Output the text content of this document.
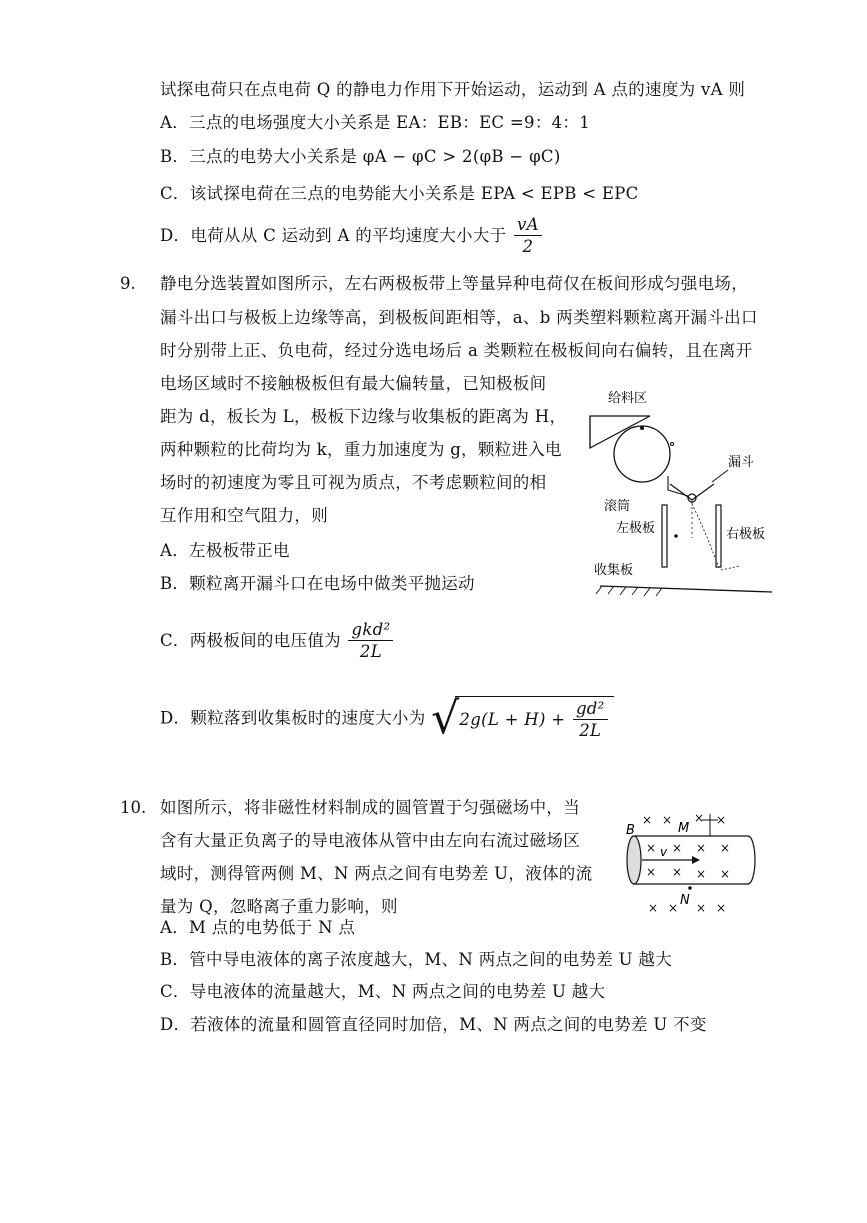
试探电荷只在点电荷 Q 的静电力作用下开始运动，运动到 A 点的速度为 vA 则
A．三点的电场强度大小关系是 EA：EB：EC =9：4：1
B．三点的电势大小关系是 φA − φC > 2(φB − φC)
C．该试探电荷在三点的电势能大小关系是 EPA < EPB < EPC
D．电荷从从 C 运动到 A 的平均速度大小大于 $\frac{vA}{2}$
9. 静电分选装置如图所示，左右两极板带上等量异种电荷仅在板间形成匀强电场，
漏斗出口与极板上边缘等高，到极板间距相等，a、b 两类塑料颗粒离开漏斗出口
时分别带上正、负电荷，经过分选电场后 a 类颗粒在极板间向右偏转，且在离开
电场区域时不接触极板但有最大偏转量，已知极板间
距为 d，板长为 L，极板下边缘与收集板的距离为 H，
两种颗粒的比荷均为 k，重力加速度为 g，颗粒进入电
场时的初速度为零且可视为质点，不考虑颗粒间的相
互作用和空气阻力，则
A．左极板带正电
B．颗粒离开漏斗口在电场中做类平抛运动
C．两极板间的电压值为 $\frac{\text{gkd²}}{2L}$
D．颗粒落到收集板时的速度大小为 $√2g(L + H) + \frac{\text{gd²}}{2L}$
给料区
滚筒
漏斗
左极板	右极板
收集板
10. 如图所示，将非磁性材料制成的圆管置于匀强磁场中，当
含有大量正负离子的导电液体从管中由左向右流过磁场区
域时，测得管两侧 M、N 两点之间有电势差 U，液体的流
量为 Q，忽略离子重力影响，则
A．M 点的电势低于 N 点
B．管中导电液体的离子浓度越大，M、N 两点之间的电势差 U 越大
C．导电液体的流量越大，M、N 两点之间的电势差 U 越大
D．若液体的流量和圆管直径同时加倍，M、N 两点之间的电势差 U 不变
B	M
N
v
× × × ×
× × × ×
× × × ×
× × × ×
